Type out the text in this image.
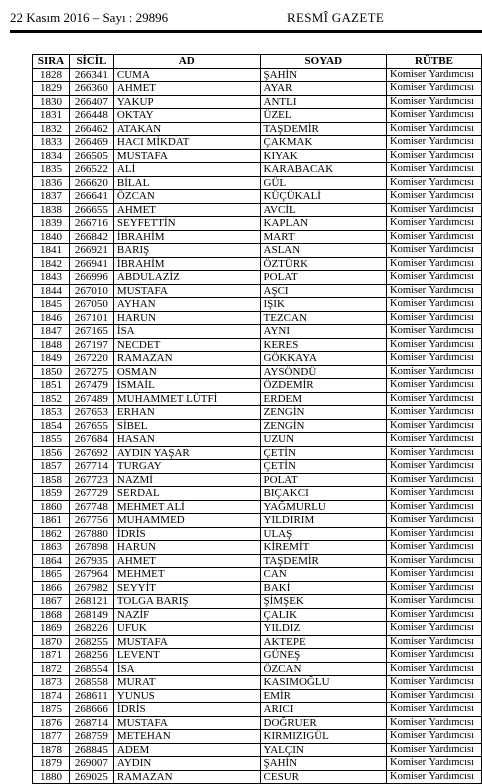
22 Kasım 2016 – Sayı : 29896	RESMÎ GAZETE
SIRA	SİCİL	AD	SOYAD	RÜTBE
1828	266341	CUMA	ŞAHİN	Komiser Yardımcısı
1829	266360	AHMET	AYAR	Komiser Yardımcısı
1830	266407	YAKUP	ANTLI	Komiser Yardımcısı
1831	266448	OKTAY	ÜZEL	Komiser Yardımcısı
1832	266462	ATAKAN	TAŞDEMİR	Komiser Yardımcısı
1833	266469	HACI MİKDAT	ÇAKMAK	Komiser Yardımcısı
1834	266505	MUSTAFA	KIYAK	Komiser Yardımcısı
1835	266522	ALİ	KARABACAK	Komiser Yardımcısı
1836	266620	BİLAL	GÜL	Komiser Yardımcısı
1837	266641	ÖZCAN	KÜÇÜKALİ	Komiser Yardımcısı
1838	266655	AHMET	AVCİL	Komiser Yardımcısı
1839	266716	SEYFETTİN	KAPLAN	Komiser Yardımcısı
1840	266842	İBRAHİM	MART	Komiser Yardımcısı
1841	266921	BARIŞ	ASLAN	Komiser Yardımcısı
1842	266941	İBRAHİM	ÖZTÜRK	Komiser Yardımcısı
1843	266996	ABDULAZİZ	POLAT	Komiser Yardımcısı
1844	267010	MUSTAFA	AŞCI	Komiser Yardımcısı
1845	267050	AYHAN	IŞIK	Komiser Yardımcısı
1846	267101	HARUN	TEZCAN	Komiser Yardımcısı
1847	267165	İSA	AYNI	Komiser Yardımcısı
1848	267197	NECDET	KERES	Komiser Yardımcısı
1849	267220	RAMAZAN	GÖKKAYA	Komiser Yardımcısı
1850	267275	OSMAN	AYSÖNDÜ	Komiser Yardımcısı
1851	267479	İSMAİL	ÖZDEMİR	Komiser Yardımcısı
1852	267489	MUHAMMET LÜTFİ	ERDEM	Komiser Yardımcısı
1853	267653	ERHAN	ZENGİN	Komiser Yardımcısı
1854	267655	SİBEL	ZENGİN	Komiser Yardımcısı
1855	267684	HASAN	UZUN	Komiser Yardımcısı
1856	267692	AYDIN YAŞAR	ÇETİN	Komiser Yardımcısı
1857	267714	TURGAY	ÇETİN	Komiser Yardımcısı
1858	267723	NAZMİ	POLAT	Komiser Yardımcısı
1859	267729	SERDAL	BIÇAKCI	Komiser Yardımcısı
1860	267748	MEHMET ALİ	YAĞMURLU	Komiser Yardımcısı
1861	267756	MUHAMMED	YILDIRIM	Komiser Yardımcısı
1862	267880	İDRİS	ULAŞ	Komiser Yardımcısı
1863	267898	HARUN	KİREMİT	Komiser Yardımcısı
1864	267935	AHMET	TAŞDEMİR	Komiser Yardımcısı
1865	267964	MEHMET	CAN	Komiser Yardımcısı
1866	267982	SEYYİT	BAKİ	Komiser Yardımcısı
1867	268121	TOLGA BARIŞ	ŞİMŞEK	Komiser Yardımcısı
1868	268149	NAZİF	ÇALIK	Komiser Yardımcısı
1869	268226	UFUK	YILDIZ	Komiser Yardımcısı
1870	268255	MUSTAFA	AKTEPE	Komiser Yardımcısı
1871	268256	LEVENT	GÜNEŞ	Komiser Yardımcısı
1872	268554	İSA	ÖZCAN	Komiser Yardımcısı
1873	268558	MURAT	KASIMOĞLU	Komiser Yardımcısı
1874	268611	YUNUS	EMİR	Komiser Yardımcısı
1875	268666	İDRİS	ARICI	Komiser Yardımcısı
1876	268714	MUSTAFA	DOĞRUER	Komiser Yardımcısı
1877	268759	METEHAN	KIRMIZIGÜL	Komiser Yardımcısı
1878	268845	ADEM	YALÇIN	Komiser Yardımcısı
1879	269007	AYDIN	ŞAHİN	Komiser Yardımcısı
1880	269025	RAMAZAN	CESUR	Komiser Yardımcısı
